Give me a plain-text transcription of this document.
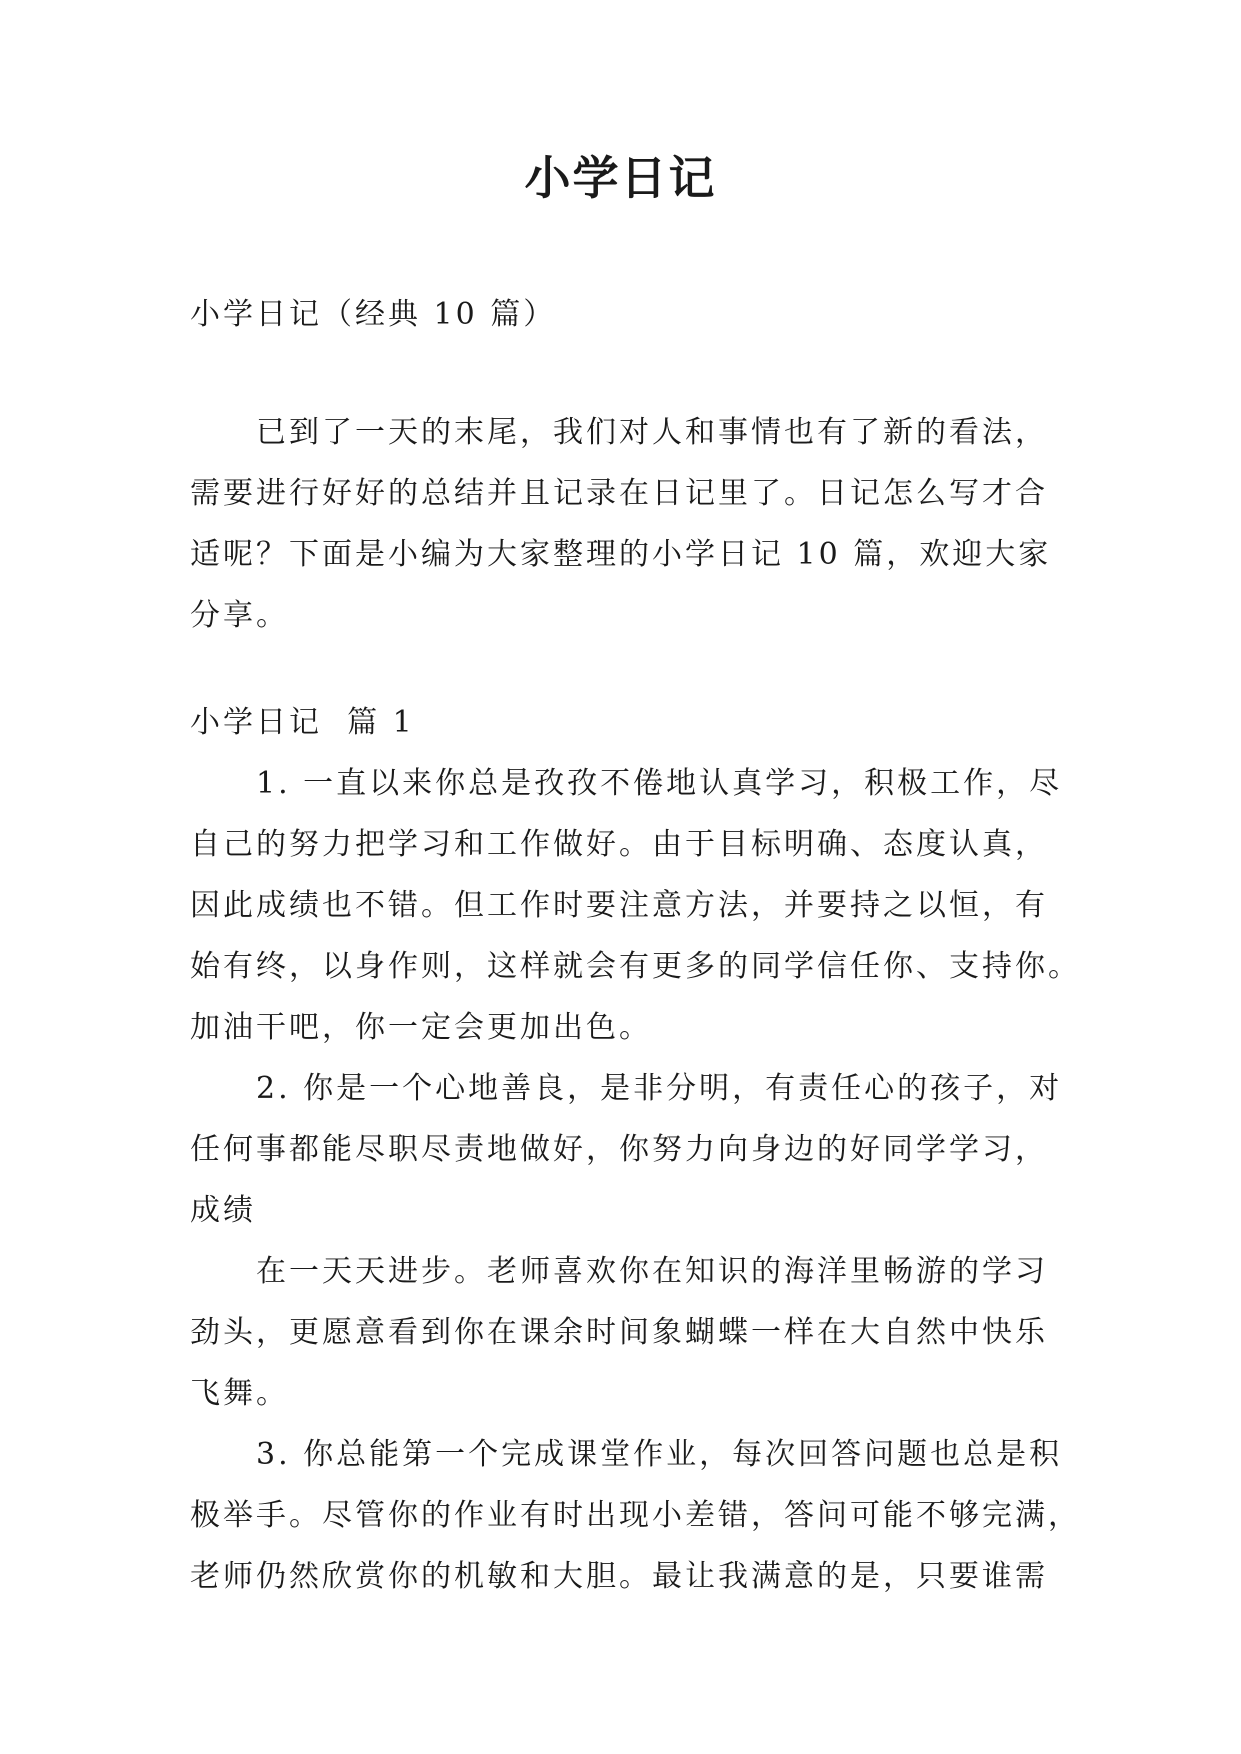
小学日记

小学日记（经典 10 篇）

已到了一天的末尾，我们对人和事情也有了新的看法，
需要进行好好的总结并且记录在日记里了。日记怎么写才合
适呢？下面是小编为大家整理的小学日记 10 篇，欢迎大家
分享。

小学日记  篇 1

1. 一直以来你总是孜孜不倦地认真学习，积极工作，尽
自己的努力把学习和工作做好。由于目标明确、态度认真，
因此成绩也不错。但工作时要注意方法，并要持之以恒，有
始有终，以身作则，这样就会有更多的同学信任你、支持你。
加油干吧，你一定会更加出色。

2. 你是一个心地善良，是非分明，有责任心的孩子，对
任何事都能尽职尽责地做好，你努力向身边的好同学学习，
成绩

在一天天进步。老师喜欢你在知识的海洋里畅游的学习
劲头，更愿意看到你在课余时间象蝴蝶一样在大自然中快乐
飞舞。

3. 你总能第一个完成课堂作业，每次回答问题也总是积
极举手。尽管你的作业有时出现小差错，答问可能不够完满，
老师仍然欣赏你的机敏和大胆。最让我满意的是，只要谁需
